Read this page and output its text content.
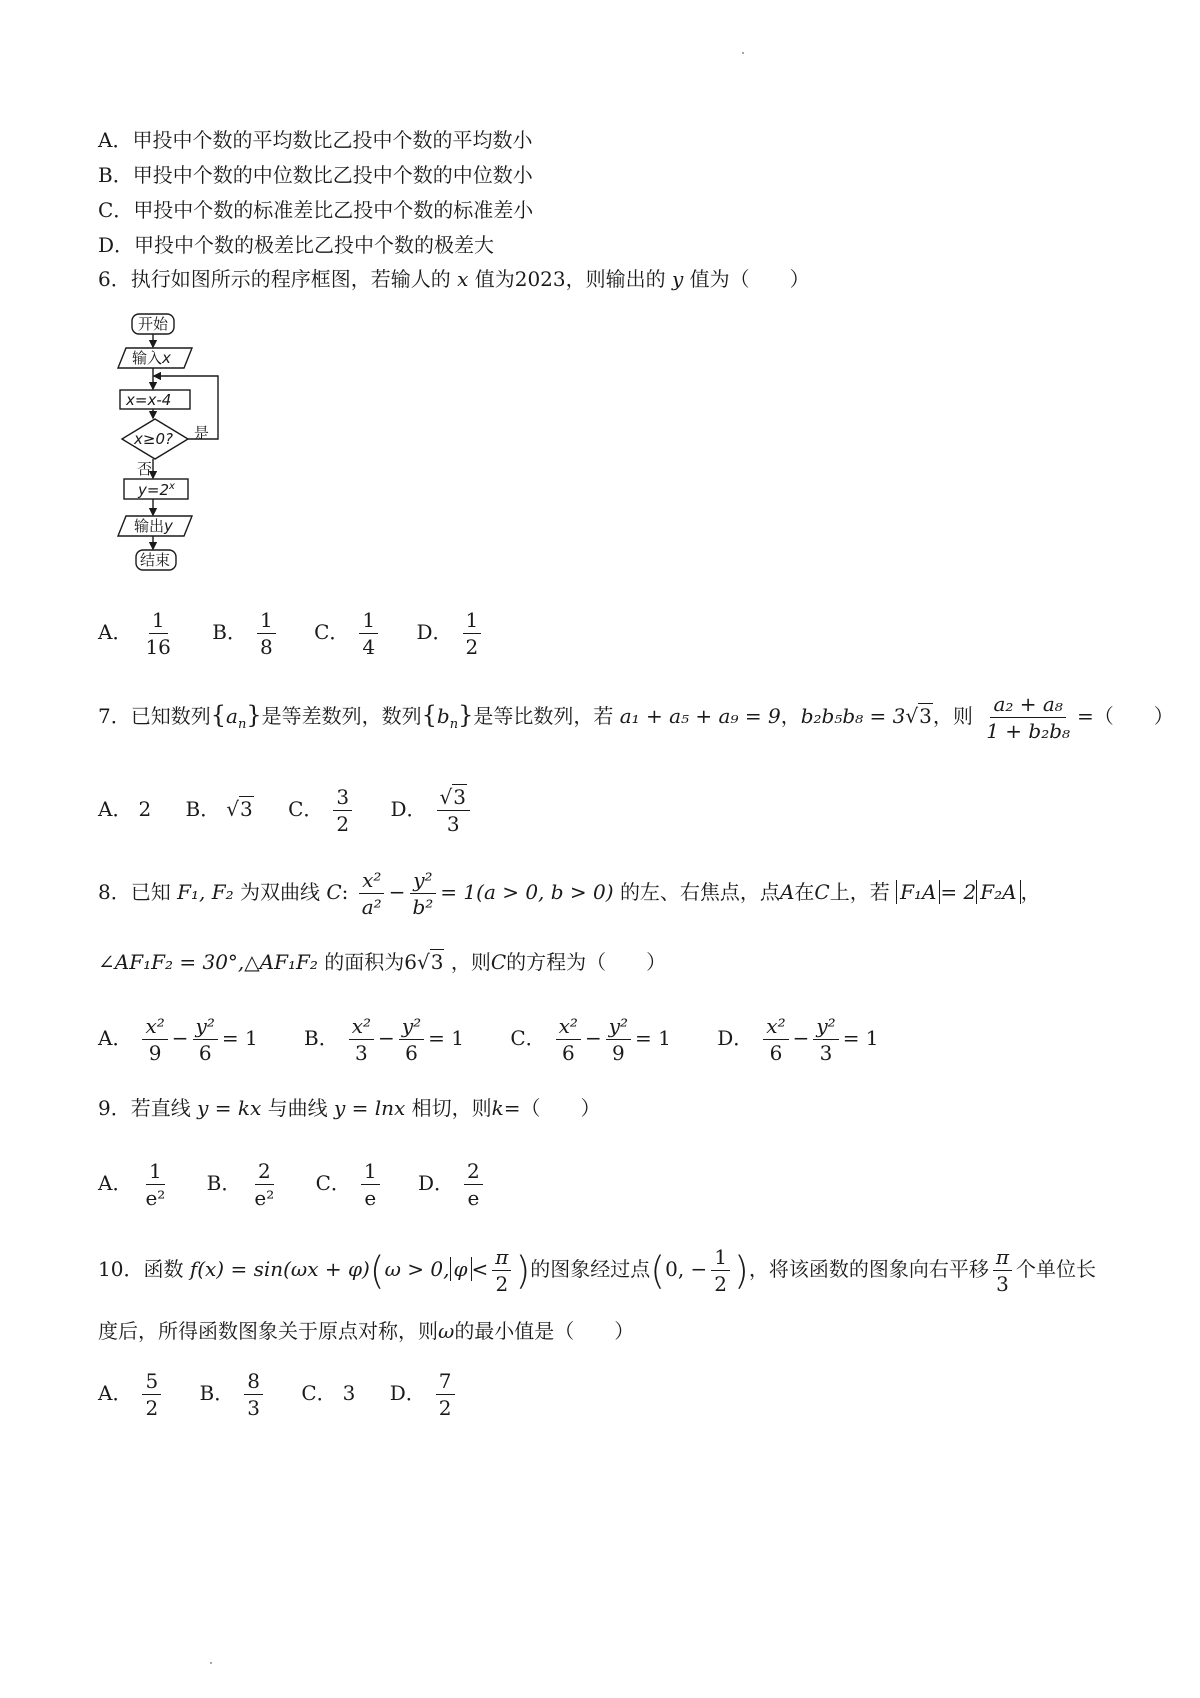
A．甲投中个数的平均数比乙投中个数的平均数小
B．甲投中个数的中位数比乙投中个数的中位数小
C．甲投中个数的标准差比乙投中个数的标准差小
D．甲投中个数的极差比乙投中个数的极差大
6．执行如图所示的程序框图，若输人的 x 值为2023，则输出的 y 值为（　　）
开始
输入x
x=x-4
x≥0? 是
否
$y=2^x$
输出y
结束
A． $\frac{1}{16}$ B． $\frac{1}{8}$ C． $\frac{1}{4}$ D． $\frac{1}{2}$
7．已知数列$\{a_n\}$是等差数列，数列$\{b_n\}$是等比数列，若 a₁ + a₅ + a₉ = 9，b₂b₅b₈ = 3√3，则 $\frac{\text{a₂ + a₈}}{\text{1 + b₂b₈}}$ =（　　）
A． 2 B． √3 C． $\frac{3}{2}$ D． $\frac{√3}{3}$
8．已知 F₁, F₂ 为双曲线 C: $\frac{\text{x²}}{\text{a²}} - \frac{\text{y²}}{\text{b²}} = 1(a > 0$, b > 0) 的左、右焦点，点A在C上，若 F₁A = 2 F₂A ，
∠AF₁F₂ = 30°,△AF₁F₂ 的面积为6√3 ，则C的方程为（　　）
A． $\frac{\text{x²}}{9} - \frac{\text{y²}}{6} = 1$ B． $\frac{\text{x²}}{3} - \frac{\text{y²}}{6} = 1$ C． $\frac{\text{x²}}{6} - \frac{\text{y²}}{9} = 1$ D． $\frac{\text{x²}}{6} - \frac{\text{y²}}{3} = 1$
9．若直线 y = kx 与曲线 y = lnx 相切，则k=（　　）
A． $\frac{1}{\text{e²}}$ B． $\frac{2}{\text{e²}}$ C． $\frac{1}{e}$ D． $\frac{2}{e}$
10．函数 f(x) = sin(ωx + φ)(ω > 0, $\varphi < \frac{\pi}{2}$ )的图象经过点(0, − $\frac{1}{2}$ )，将该函数的图象向右平移 $\frac{\pi}{3}$ 个单位长
度后，所得函数图象关于原点对称，则ω的最小值是（　　）
A． $\frac{5}{2}$ B． $\frac{8}{3}$ C． 3 D． $\frac{7}{2}$
